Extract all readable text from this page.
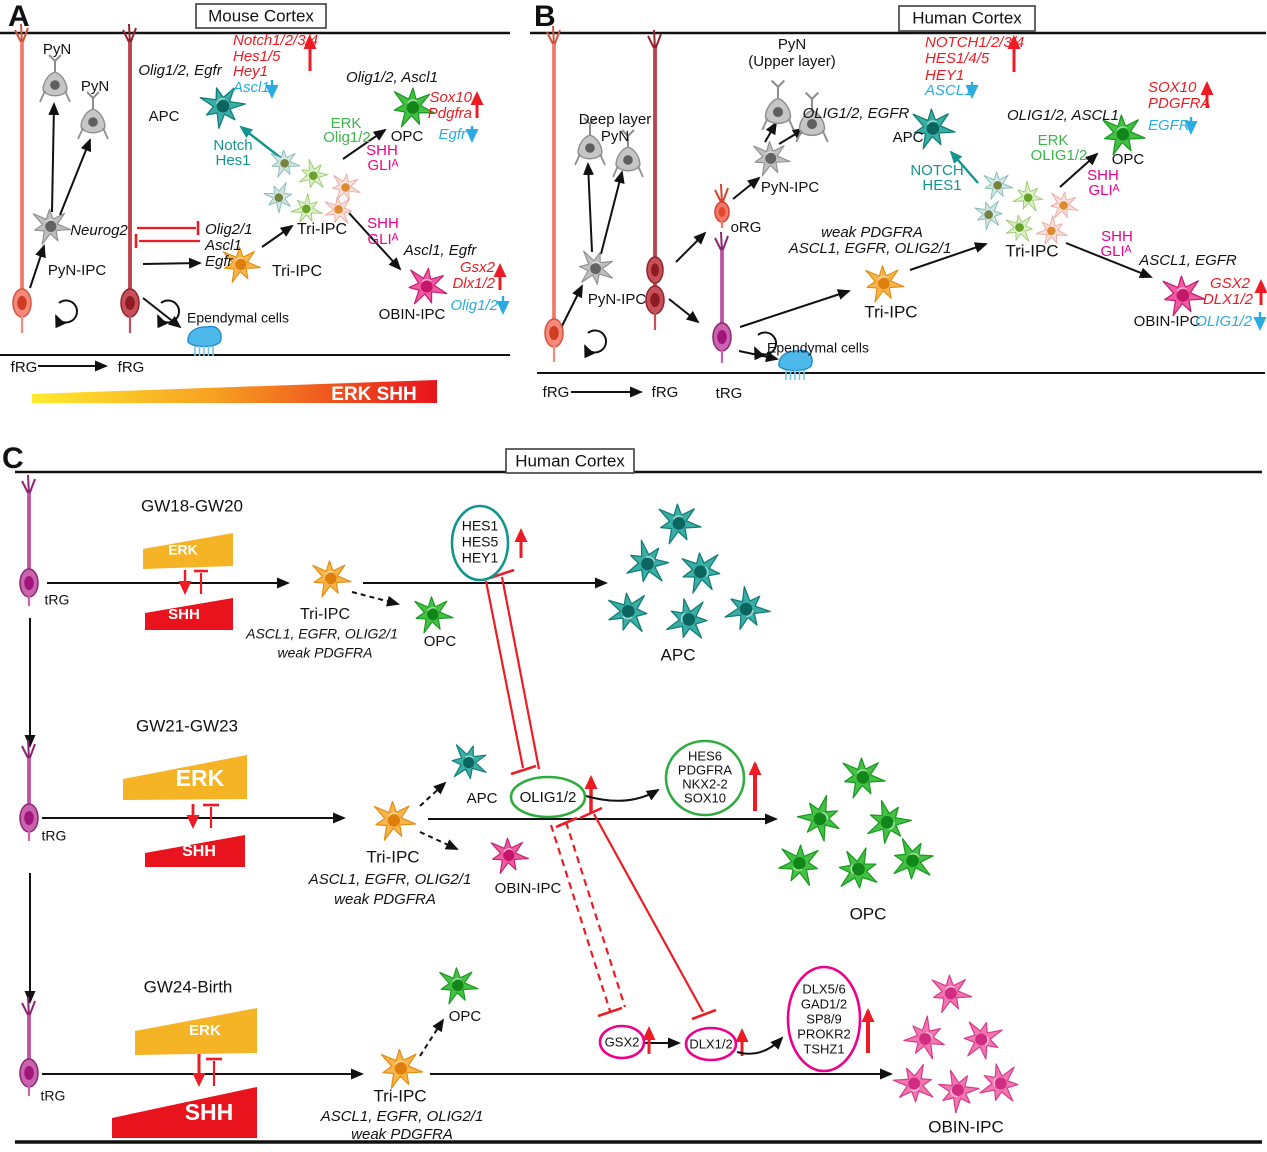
A	Mouse Cortex
PyN
PyN
Neurog2	Olig2/1
Ascl1
Egfr
PyN-IPC	Tri-IPC
Tri-IPC
Notch
Hes1
APC
Olig1/2, Egfr
Notch1/2/3/4
Hes1/5
Hey1
Ascl1
ERK
Olig1/2
Olig1/2, Ascl1
Sox10
Pdgfra
Egfr
OPC
SHH
GLIᴬ
SHH
GLIᴬ
Ascl1, Egfr
Gsx2
Dlx1/2
OBIN-IPC
Olig1/2
Ependymal cells
fRG	fRG
ERK SHH
B	Human Cortex
Deep layer
PyN
PyN
(Upper layer)
PyN-IPC
PyN-IPC
oRG	weak PDGFRA
ASCL1, EGFR, OLIG2/1
Tri-IPC
Tri-IPC
NOTCH
HES1
APC
OLIG1/2, EGFR
NOTCH1/2/3/4
HES1/4/5
HEY1
ASCL1
OLIG1/2, ASCL1
ERK
OLIG1/2 OPC
SOX10
PDGFRA
EGFR
SHH
GLIᴬ
SHH
GLIᴬ
ASCL1, EGFR
GSX2
DLX1/2
OBIN-IPC
OLIG1/2
Ependymal cells
fRG	fRG tRG
C	Human Cortex
GW18-GW20
ERK
SHH
tRG
Tri-IPC
ASCL1, EGFR, OLIG2/1
weak PDGFRA
OPC
APC
HES1
HES5
HEY1
GW21-GW23
ERK
SHH
tRG
Tri-IPC
ASCL1, EGFR, OLIG2/1
weak PDGFRA
APC
OBIN-IPC
OLIG1/2
HES6
PDGFRA
NKX2-2
SOX10
OPC
GW24-Birth
ERK
SHH
tRG	Tri-IPC
ASCL1, EGFR, OLIG2/1
weak PDGFRA
OPC
GSX2	DLX1/2
DLX5/6
GAD1/2
SP8/9
PROKR2
TSHZ1
OBIN-IPC
